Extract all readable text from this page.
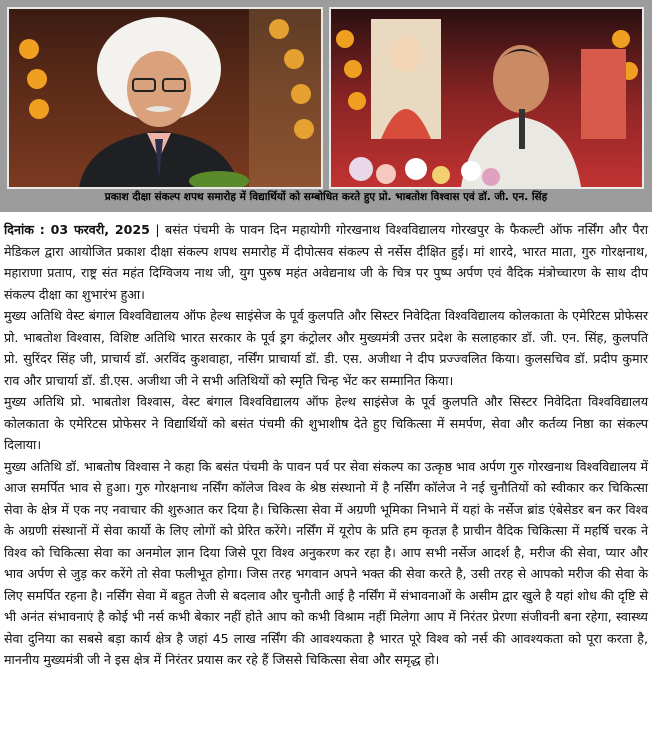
प्रकाश दीक्षा संकल्प शपथ समारोह में विद्यार्थियों को सम्बोधित करते हुए प्रो. भाबतोश विश्वास एवं डॉ. जी. एन. सिंह

दिनांक : 03 फरवरी, 2025 | बसंत पंचमी के पावन दिन महायोगी गोरखनाथ विश्वविद्यालय गोरखपुर के फैकल्टी ऑफ नर्सिंग और पैरा मेडिकल द्वारा आयोजित प्रकाश दीक्षा संकल्प शपथ समारोह में दीपोत्सव संकल्प से नर्सेस दीक्षित हुई। मां शारदे, भारत माता, गुरु गोरक्षनाथ, महाराणा प्रताप, राष्ट्र संत महंत दिग्विजय नाथ जी, युग पुरुष महंत अवेद्यनाथ जी के चित्र पर पुष्प अर्पण एवं वैदिक मंत्रोच्चारण के साथ दीप संकल्प दीक्षा का शुभारंभ हुआ।

मुख्य अतिथि वेस्ट बंगाल विश्वविद्यालय ऑफ हेल्थ साइंसेज के पूर्व कुलपति और सिस्टर निवेदिता विश्वविद्यालय कोलकाता के एमेरिटस प्रोफेसर प्रो. भाबतोश विश्वास, विशिष्ट अतिथि भारत सरकार के पूर्व ड्रग कंट्रोलर और मुख्यमंत्री उत्तर प्रदेश के सलाहकार डॉ. जी. एन. सिंह, कुलपति प्रो. सुरिंदर सिंह जी, प्राचार्य डॉ. अरविंद कुशवाहा, नर्सिंग प्राचार्या डॉ. डी. एस. अजीथा ने दीप प्रज्ज्वलित किया। कुलसचिव डॉ. प्रदीप कुमार राव और प्राचार्या डॉ. डी.एस. अजीथा जी ने सभी अतिथियों को स्मृति चिन्ह भेंट कर सम्मानित किया।

मुख्य अतिथि प्रो. भाबतोश विश्वास, वेस्ट बंगाल विश्वविद्यालय ऑफ हेल्थ साइंसेज के पूर्व कुलपति और सिस्टर निवेदिता विश्वविद्यालय कोलकाता के एमेरिटस प्रोफेसर ने विद्यार्थियों को बसंत पंचमी की शुभाशीष देते हुए चिकित्सा में समर्पण, सेवा और कर्तव्य निष्ठा का संकल्प दिलाया।

मुख्य अतिथि डॉ. भाबतोष विश्वास ने कहा कि बसंत पंचमी के पावन पर्व पर सेवा संकल्प का उत्कृष्ठ भाव अर्पण गुरु गोरखनाथ विश्वविद्यालय में आज समर्पित भाव से हुआ। गुरु गोरक्षनाथ नर्सिंग कॉलेज विश्व के श्रेष्ठ संस्थानो में है नर्सिंग कॉलेज ने नई चुनौतियों को स्वीकार कर चिकित्सा सेवा के क्षेत्र में एक नए नवाचार की शुरुआत कर दिया है। चिकित्सा सेवा में अग्रणी भूमिका निभाने में यहां के नर्सेज ब्रांड एंबेसेडर बन कर विश्व के अग्रणी संस्थानों में सेवा कार्यो के लिए लोगों को प्रेरित करेंगे। नर्सिंग में यूरोप के प्रति हम कृतज्ञ है प्राचीन वैदिक चिकित्सा में महर्षि चरक ने विश्व को चिकित्सा सेवा का अनमोल ज्ञान दिया जिसे पूरा विश्व अनुकरण कर रहा है। आप सभी नर्सेज आदर्श है, मरीज की सेवा, प्यार और भाव अर्पण से जुड़ कर करेंगे तो सेवा फलीभूत होगा। जिस तरह भगवान अपने भक्त की सेवा करते है, उसी तरह से आपको मरीज की सेवा के लिए समर्पित रहना है। नर्सिंग सेवा में बहुत तेजी से बदलाव और चुनौती आई है नर्सिंग में संभावनाओं के असीम द्वार खुले है यहां शोध की दृष्टि से भी अनंत संभावनाएं है कोई भी नर्स कभी बेकार नहीं होते आप को कभी विश्राम नहीं मिलेगा आप में निरंतर प्रेरणा संजीवनी बना रहेगा, स्वास्थ्य सेवा दुनिया का सबसे बड़ा कार्य क्षेत्र है जहां 45 लाख नर्सिंग की आवश्यकता है भारत पूरे विश्व को नर्स की आवश्यकता को पूरा करता है, माननीय मुख्यमंत्री जी ने इस क्षेत्र में निरंतर प्रयास कर रहे हैं जिससे चिकित्सा सेवा और समृद्ध हो।
